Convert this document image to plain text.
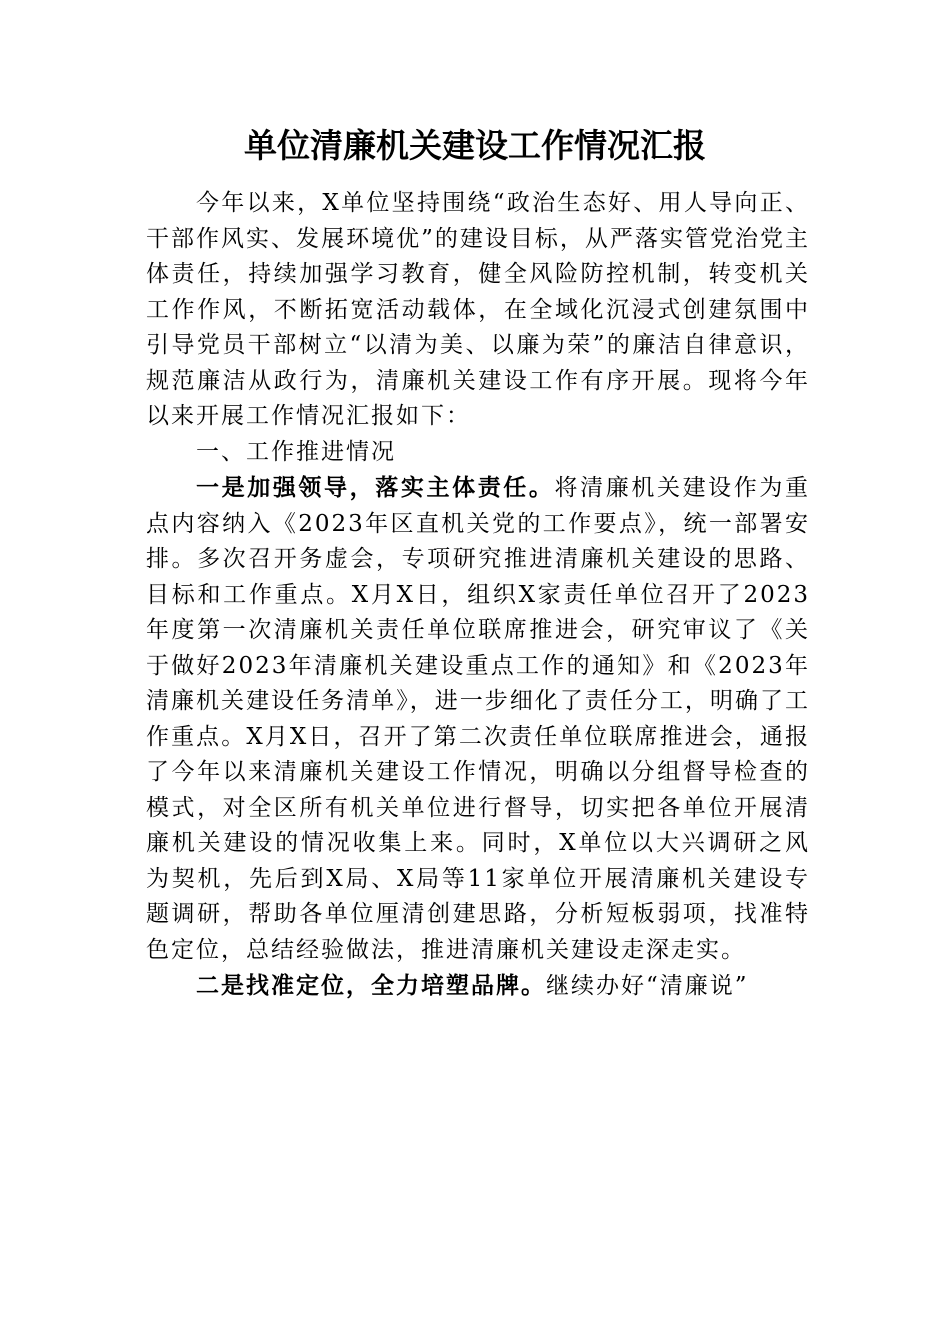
单位清廉机关建设工作情况汇报

今年以来，X单位坚持围绕“政治生态好、用人导向正、干部作风实、发展环境优”的建设目标，从严落实管党治党主体责任，持续加强学习教育，健全风险防控机制，转变机关工作作风，不断拓宽活动载体，在全域化沉浸式创建氛围中引导党员干部树立“以清为美、以廉为荣”的廉洁自律意识，规范廉洁从政行为，清廉机关建设工作有序开展。现将今年以来开展工作情况汇报如下：

一、工作推进情况

一是加强领导，落实主体责任。将清廉机关建设作为重点内容纳入《2023年区直机关党的工作要点》，统一部署安排。多次召开务虚会，专项研究推进清廉机关建设的思路、目标和工作重点。X月X日，组织X家责任单位召开了2023年度第一次清廉机关责任单位联席推进会，研究审议了《关于做好2023年清廉机关建设重点工作的通知》和《2023年清廉机关建设任务清单》，进一步细化了责任分工，明确了工作重点。X月X日，召开了第二次责任单位联席推进会，通报了今年以来清廉机关建设工作情况，明确以分组督导检查的模式，对全区所有机关单位进行督导，切实把各单位开展清廉机关建设的情况收集上来。同时，X单位以大兴调研之风为契机，先后到X局、X局等11家单位开展清廉机关建设专题调研，帮助各单位厘清创建思路，分析短板弱项，找准特色定位，总结经验做法，推进清廉机关建设走深走实。

二是找准定位，全力培塑品牌。继续办好“清廉说”
